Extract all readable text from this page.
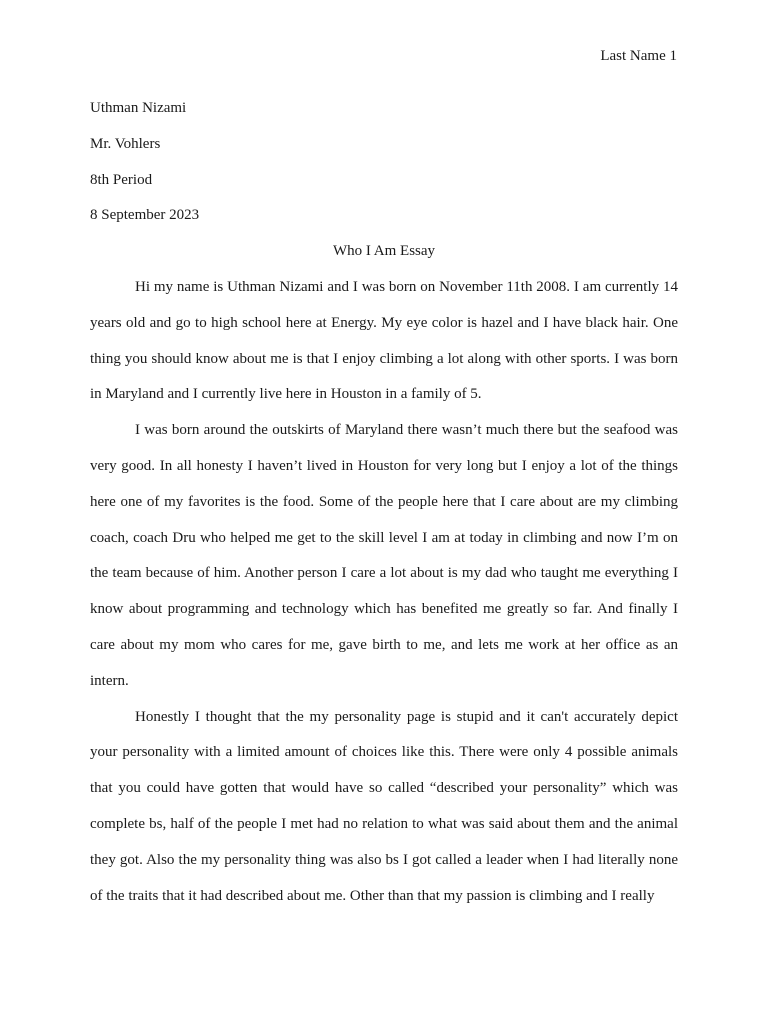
Last Name 1

Uthman Nizami

Mr. Vohlers

8th Period

8 September 2023

Who I Am Essay

Hi my name is Uthman Nizami and I was born on November 11th 2008. I am currently 14 years old and go to high school here at Energy. My eye color is hazel and I have black hair. One thing you should know about me is that I enjoy climbing a lot along with other sports. I was born in Maryland and I currently live here in Houston in a family of 5.

I was born around the outskirts of Maryland there wasn’t much there but the seafood was very good. In all honesty I haven’t lived in Houston for very long but I enjoy a lot of the things here one of my favorites is the food. Some of the people here that I care about are my climbing coach, coach Dru who helped me get to the skill level I am at today in climbing and now I’m on the team because of him. Another person I care a lot about is my dad who taught me everything I know about programming and technology which has benefited me greatly so far. And finally I care about my mom who cares for me, gave birth to me, and lets me work at her office as an intern.

Honestly I thought that the my personality page is stupid and it can't accurately depict your personality with a limited amount of choices like this. There were only 4 possible animals that you could have gotten that would have so called “described your personality” which was complete bs, half of the people I met had no relation to what was said about them and the animal they got. Also the my personality thing was also bs I got called a leader when I had literally none of the traits that it had described about me. Other than that my passion is climbing and I really
